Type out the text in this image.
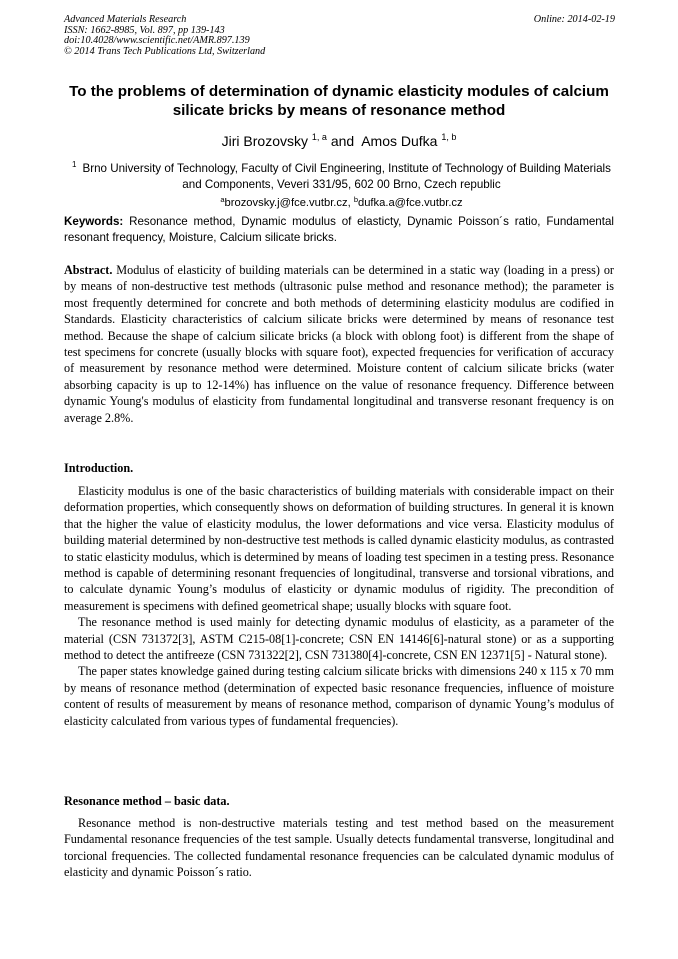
Advanced Materials Research
ISSN: 1662-8985, Vol. 897, pp 139-143
doi:10.4028/www.scientific.net/AMR.897.139
© 2014 Trans Tech Publications Ltd, Switzerland
Online: 2014-02-19
To the problems of determination of dynamic elasticity modules of calcium silicate bricks by means of resonance method
Jiri Brozovsky $^{1, a}$ and Amos Dufka $^{1, b}$
$^1$ Brno University of Technology, Faculty of Civil Engineering, Institute of Technology of Building Materials and Components, Veveri 331/95, 602 00 Brno, Czech republic
$^a$brozovsky.j@fce.vutbr.cz, $^b$dufka.a@fce.vutbr.cz
Keywords: Resonance method, Dynamic modulus of elasticty, Dynamic Poisson´s ratio, Fundamental resonant frequency, Moisture, Calcium silicate bricks.

Abstract. Modulus of elasticity of building materials can be determined in a static way (loading in a press) or by means of non-destructive test methods (ultrasonic pulse method and resonance method); the parameter is most frequently determined for concrete and both methods of determining elasticity modulus are codified in Standards. Elasticity characteristics of calcium silicate bricks were determined by means of resonance test method. Because the shape of calcium silicate bricks (a block with oblong foot) is different from the shape of test specimens for concrete (usually blocks with square foot), expected frequencies for verification of accuracy of measurement by resonance method were determined. Moisture content of calcium silicate bricks (water absorbing capacity is up to 12-14%) has influence on the value of resonance frequency. Difference between dynamic Young's modulus of elasticity from fundamental longitudinal and transverse resonant frequency is on average 2.8%.

Introduction.

Elasticity modulus is one of the basic characteristics of building materials with considerable impact on their deformation properties, which consequently shows on deformation of building structures. In general it is known that the higher the value of elasticity modulus, the lower deformations and vice versa. Elasticity modulus of building material determined by non-destructive test methods is called dynamic elasticity modulus, as contrasted to static elasticity modulus, which is determined by means of loading test specimen in a testing press. Resonance method is capable of determining resonant frequencies of longitudinal, transverse and torsional vibrations, and to calculate dynamic Young’s modulus of elasticity or dynamic modulus of rigidity. The precondition of measurement is specimens with defined geometrical shape; usually blocks with square foot.

The resonance method is used mainly for detecting dynamic modulus of elasticity, as a parameter of the material (CSN 731372[3], ASTM C215-08[1]-concrete; CSN EN 14146[6]-natural stone) or as a supporting method to detect the antifreeze (CSN 731322[2], CSN 731380[4]-concrete, CSN EN 12371[5] - Natural stone).

The paper states knowledge gained during testing calcium silicate bricks with dimensions 240 x 115 x 70 mm by means of resonance method (determination of expected basic resonance frequencies, influence of moisture content of results of measurement by means of resonance method, comparison of dynamic Young’s modulus of elasticity calculated from various types of fundamental frequencies).

Resonance method – basic data.

Resonance method is non-destructive materials testing and test method based on the measurement Fundamental resonance frequencies of the test sample. Usually detects fundamental transverse, longitudinal and torcional frequencies. The collected fundamental resonance frequencies can be calculated dynamic modulus of elasticity and dynamic Poisson´s ratio.
